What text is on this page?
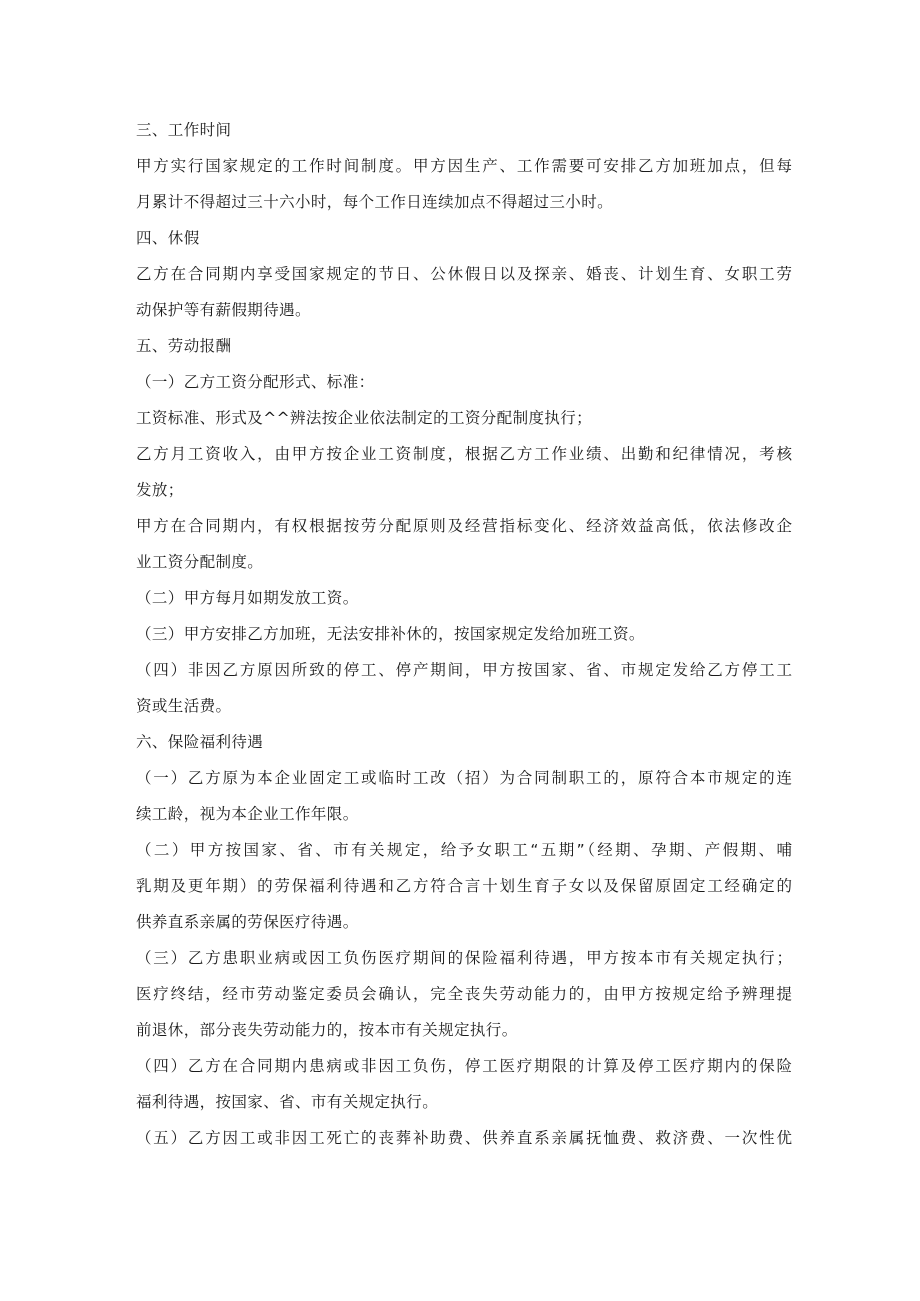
三、工作时间
甲方实行国家规定的工作时间制度。甲方因生产、工作需要可安排乙方加班加点，但每
月累计不得超过三十六小时，每个工作日连续加点不得超过三小时。
四、休假
乙方在合同期内享受国家规定的节日、公休假日以及探亲、婚丧、计划生育、女职工劳
动保护等有薪假期待遇。
五、劳动报酬
（一）乙方工资分配形式、标准：
工资标准、形式及^^辨法按企业依法制定的工资分配制度执行；
乙方月工资收入，由甲方按企业工资制度，根据乙方工作业绩、出勤和纪律情况，考核
发放；
甲方在合同期内，有权根据按劳分配原则及经营指标变化、经济效益高低，依法修改企
业工资分配制度。
（二）甲方每月如期发放工资。
（三）甲方安排乙方加班，无法安排补休的，按国家规定发给加班工资。
（四）非因乙方原因所致的停工、停产期间，甲方按国家、省、市规定发给乙方停工工
资或生活费。
六、保险福利待遇
（一）乙方原为本企业固定工或临时工改（招）为合同制职工的，原符合本市规定的连
续工龄，视为本企业工作年限。
（二）甲方按国家、省、市有关规定，给予女职工“五期”（经期、孕期、产假期、哺
乳期及更年期）的劳保福利待遇和乙方符合言十划生育子女以及保留原固定工经确定的
供养直系亲属的劳保医疗待遇。
（三）乙方患职业病或因工负伤医疗期间的保险福利待遇，甲方按本市有关规定执行；
医疗终结，经市劳动鉴定委员会确认，完全丧失劳动能力的，由甲方按规定给予辨理提
前退休，部分丧失劳动能力的，按本市有关规定执行。
（四）乙方在合同期内患病或非因工负伤，停工医疗期限的计算及停工医疗期内的保险
福利待遇，按国家、省、市有关规定执行。
（五）乙方因工或非因工死亡的丧葬补助费、供养直系亲属抚恤费、救济费、一次性优
